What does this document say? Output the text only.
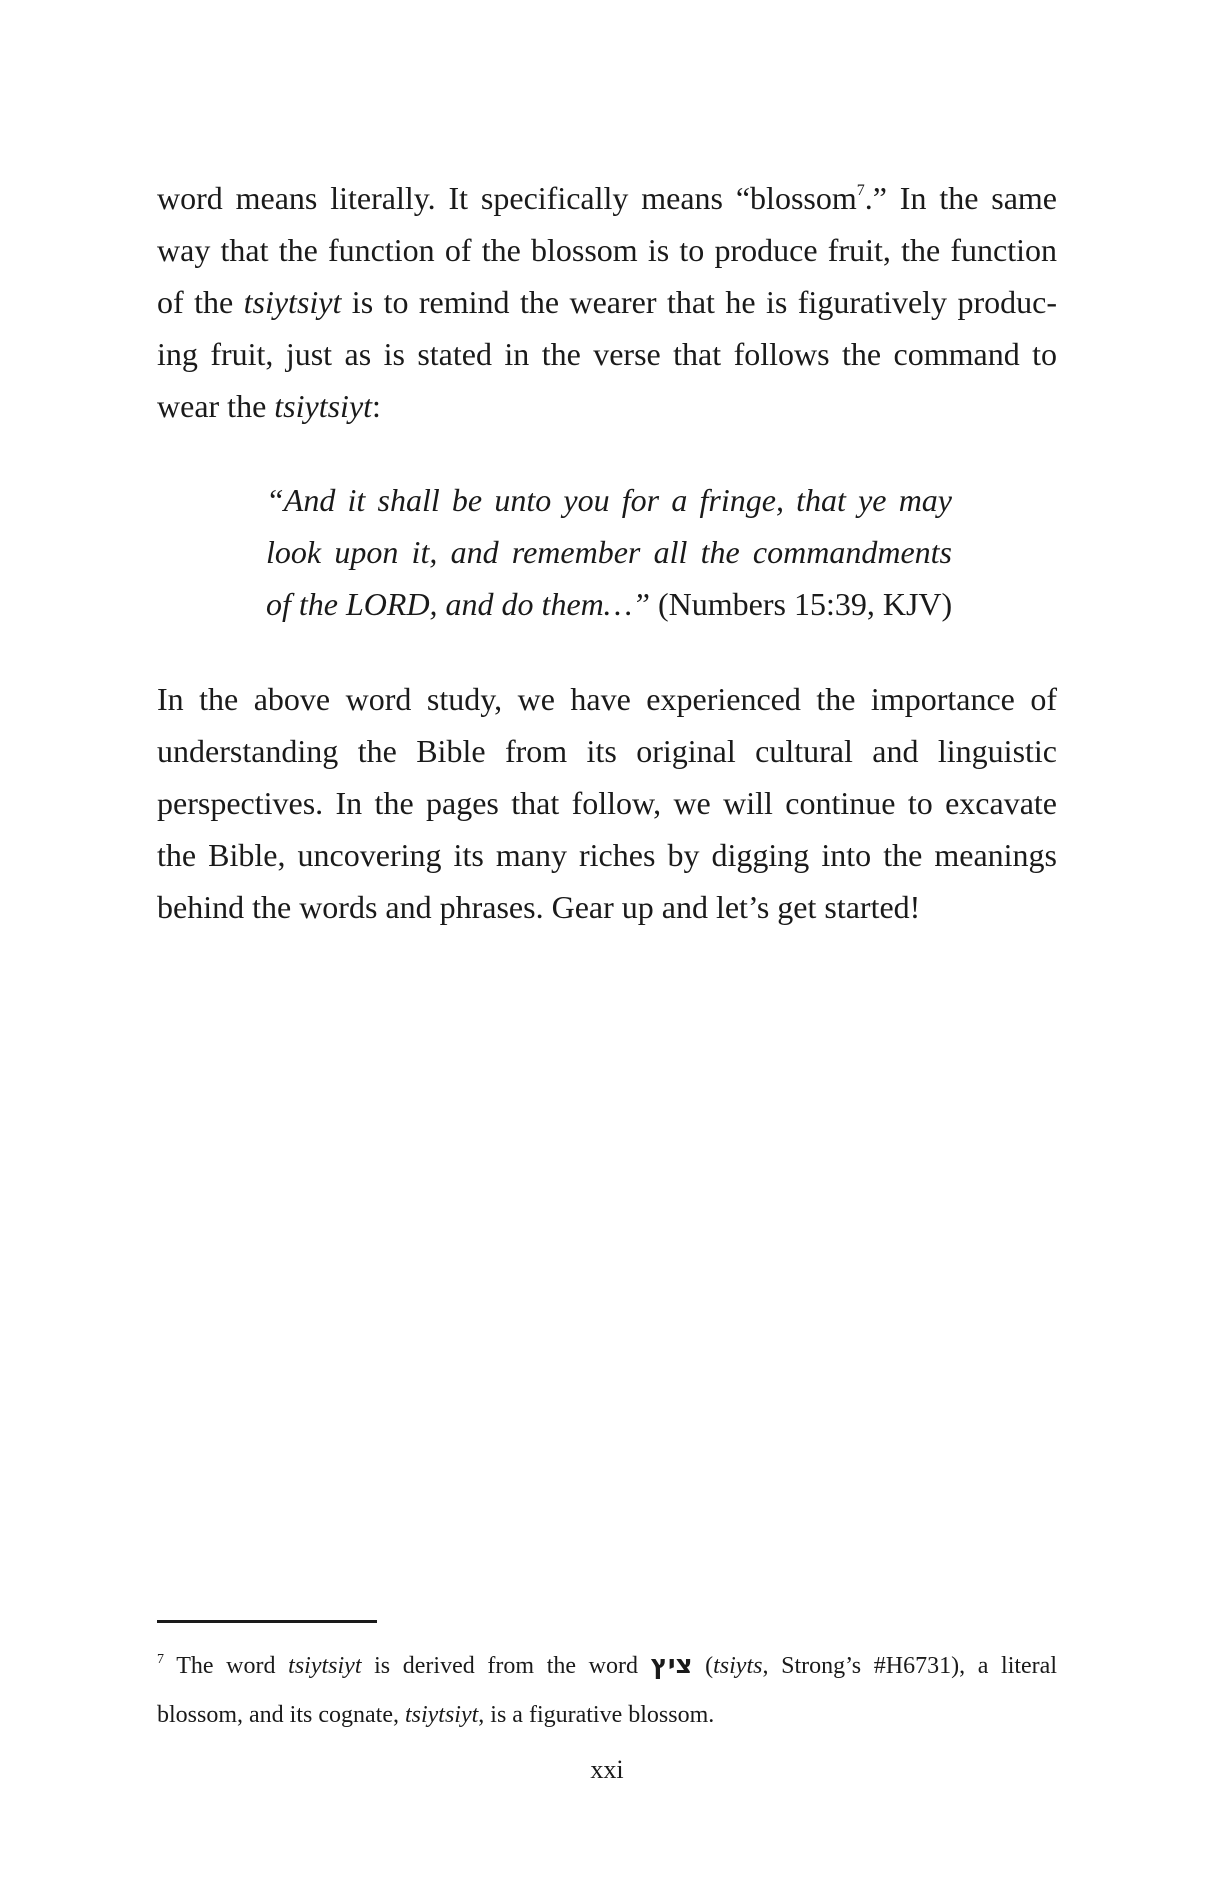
word means literally. It specifically means “blossom$^7$.” In the same
way that the function of the blossom is to produce fruit, the function
of the tsiytsiyt is to remind the wearer that he is figuratively produc-
ing fruit, just as is stated in the verse that follows the command to
wear the tsiytsiyt:
“And it shall be unto you for a fringe, that ye may
look upon it, and remember all the commandments
of the LORD, and do them…” (Numbers 15:39, KJV)
In the above word study, we have experienced the importance of
understanding the Bible from its original cultural and linguistic
perspectives. In the pages that follow, we will continue to excavate
the Bible, uncovering its many riches by digging into the meanings
behind the words and phrases. Gear up and let’s get started!
$^7$ The word tsiytsiyt is derived from the word ציץ (tsiyts, Strong’s #H6731), a literal
blossom, and its cognate, tsiytsiyt, is a figurative blossom.
xxi
